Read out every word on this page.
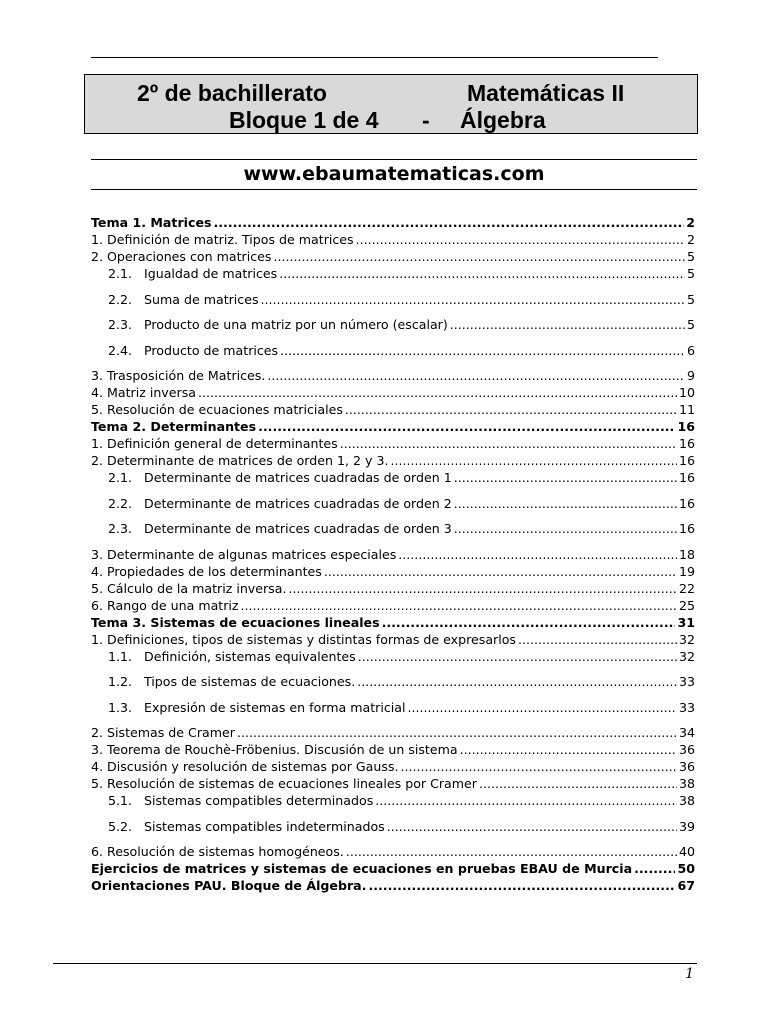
2º de bachillerato	Matemáticas II
Bloque 1 de 4 - Álgebra
www.ebaumatematicas.com
Tema 1. Matrices .....	2
1. Definición de matriz. Tipos de matrices .....	2
2. Operaciones con matrices .....	5
2.1. Igualdad de matrices .....	5
2.2. Suma de matrices .....	5
2.3. Producto de una matriz por un número (escalar) .....	5
2.4. Producto de matrices .....	6
3. Trasposición de Matrices. .....	9
4. Matriz inversa .....	10
5. Resolución de ecuaciones matriciales .....	11
Tema 2. Determinantes .....	16
1. Definición general de determinantes .....	16
2. Determinante de matrices de orden 1, 2 y 3. .....	16
2.1. Determinante de matrices cuadradas de orden 1 .....	16
2.2. Determinante de matrices cuadradas de orden 2 .....	16
2.3. Determinante de matrices cuadradas de orden 3 .....	16
3. Determinante de algunas matrices especiales .....	18
4. Propiedades de los determinantes .....	19
5. Cálculo de la matriz inversa. .....	22
6. Rango de una matriz .....	25
Tema 3. Sistemas de ecuaciones lineales .....	31
1. Definiciones, tipos de sistemas y distintas formas de expresarlos .....	32
1.1. Definición, sistemas equivalentes .....	32
1.2. Tipos de sistemas de ecuaciones. .....	33
1.3. Expresión de sistemas en forma matricial .....	33
2. Sistemas de Cramer .....	34
3. Teorema de Rouchè-Fröbenius. Discusión de un sistema .....	36
4. Discusión y resolución de sistemas por Gauss. .....	36
5. Resolución de sistemas de ecuaciones lineales por Cramer .....	38
5.1. Sistemas compatibles determinados .....	38
5.2. Sistemas compatibles indeterminados .....	39
6. Resolución de sistemas homogéneos. .....	40
Ejercicios de matrices y sistemas de ecuaciones en pruebas EBAU de Murcia .....	50
Orientaciones PAU. Bloque de Álgebra. .....	67
1
